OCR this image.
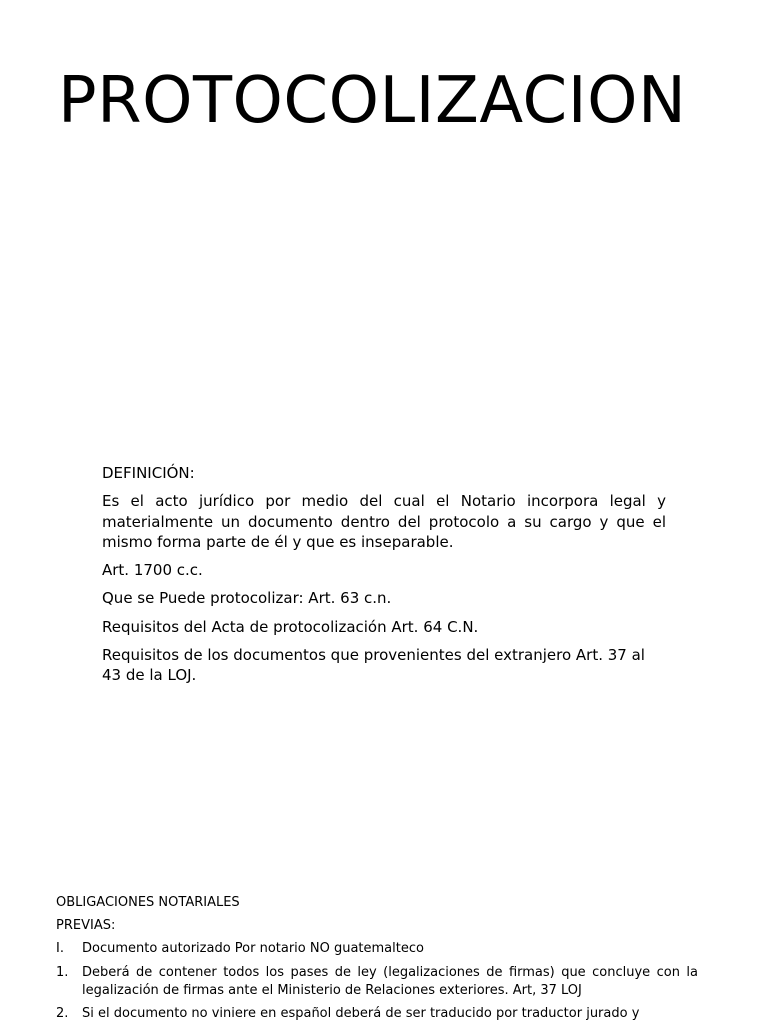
PROTOCOLIZACION

DEFINICIÓN:

Es el acto jurídico por medio del cual el Notario incorpora legal y materialmente un documento dentro del protocolo a su cargo y que el mismo forma parte de él y que es inseparable.

Art. 1700 c.c.

Que se Puede protocolizar: Art. 63 c.n.

Requisitos del Acta de protocolización Art. 64 C.N.

Requisitos de los documentos que provenientes del extranjero Art. 37 al 43 de la LOJ.

OBLIGACIONES NOTARIALES

PREVIAS:

I.	Documento autorizado Por notario NO guatemalteco
1.	Deberá de contener todos los pases de ley (legalizaciones de firmas) que concluye con la legalización de firmas ante el Ministerio de Relaciones exteriores. Art, 37 LOJ
2.	Si el documento no viniere en español deberá de ser traducido por traductor jurado y
